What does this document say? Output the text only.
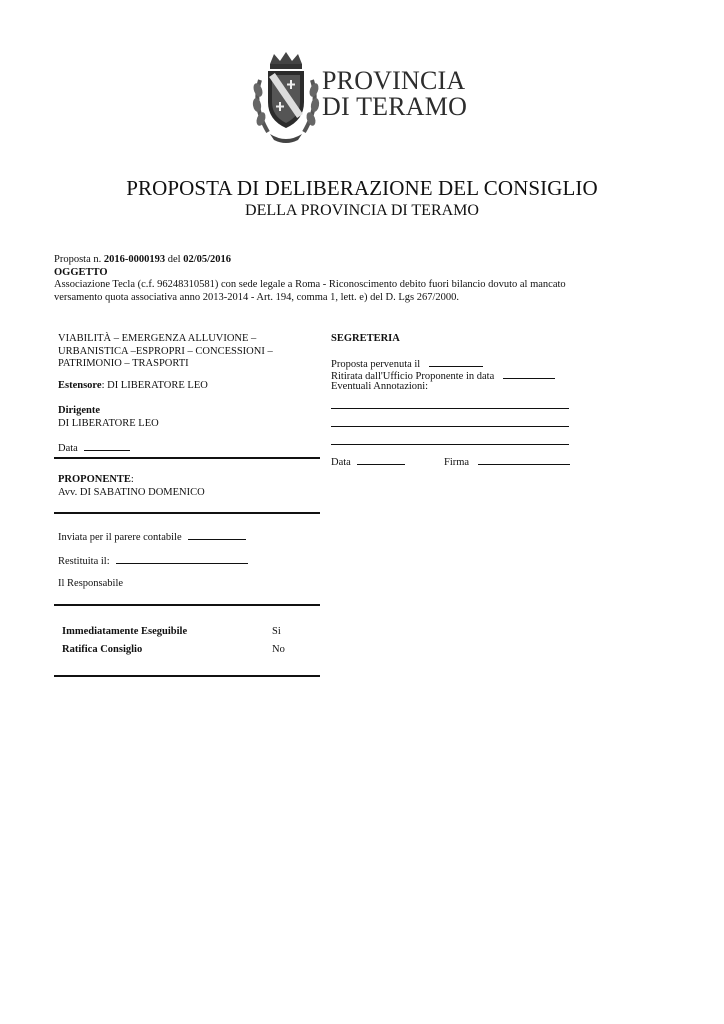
PROVINCIA
DI TERAMO
PROPOSTA DI DELIBERAZIONE DEL CONSIGLIO
DELLA PROVINCIA DI TERAMO
Proposta n. 2016-0000193 del 02/05/2016
OGGETTO
Associazione Tecla (c.f. 96248310581) con sede legale a Roma - Riconoscimento debito fuori bilancio dovuto al mancato
versamento quota associativa anno 2013-2014 - Art. 194, comma 1, lett. e) del D. Lgs 267/2000.
VIABILITÀ – EMERGENZA ALLUVIONE –
URBANISTICA –ESPROPRI – CONCESSIONI –
PATRIMONIO – TRASPORTI
Estensore: DI LIBERATORE LEO
Dirigente
DI LIBERATORE LEO
Data
PROPONENTE:
Avv. DI SABATINO DOMENICO
Inviata per il parere contabile
Restituita il:
Il Responsabile
Immediatamente Eseguibile	Si
Ratifica Consiglio	No
SEGRETERIA
Proposta pervenuta il
Ritirata dall'Ufficio Proponente in data
Eventuali Annotazioni:
Data	Firma
